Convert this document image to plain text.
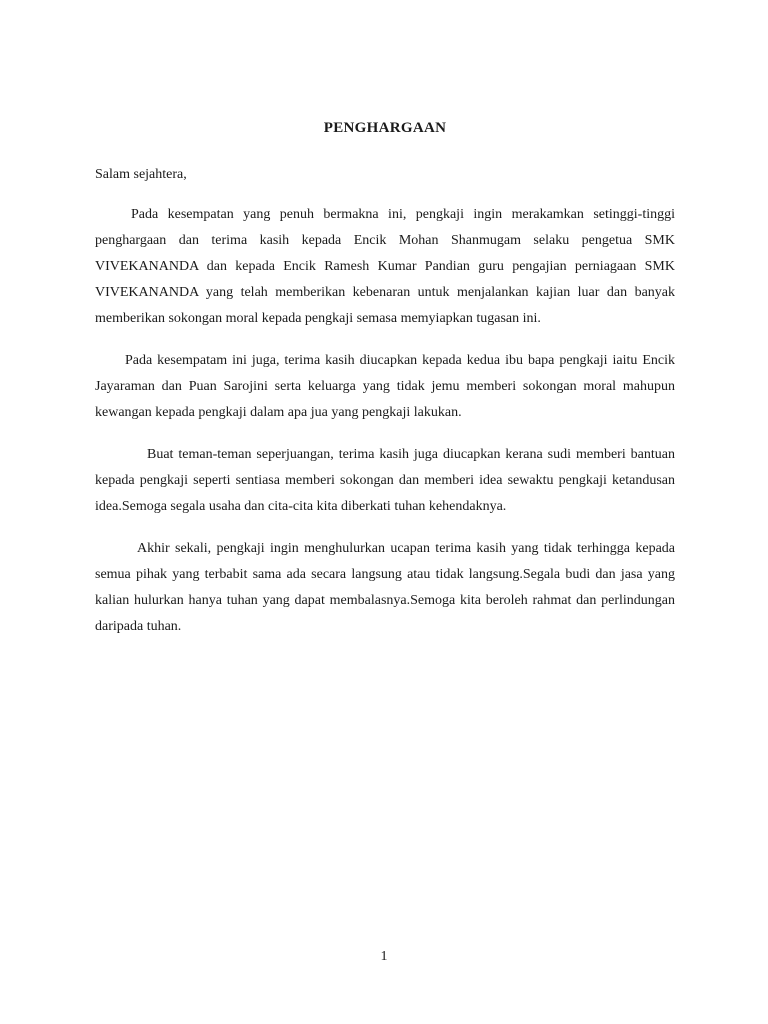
PENGHARGAAN

Salam sejahtera,

Pada kesempatan yang penuh bermakna ini, pengkaji ingin merakamkan setinggi-tinggi penghargaan dan terima kasih kepada Encik Mohan Shanmugam selaku pengetua SMK VIVEKANANDA dan kepada Encik Ramesh Kumar Pandian guru pengajian perniagaan SMK VIVEKANANDA yang telah memberikan kebenaran untuk menjalankan kajian luar dan banyak memberikan sokongan moral kepada pengkaji semasa memyiapkan tugasan ini.

Pada kesempatam ini juga, terima kasih diucapkan kepada kedua ibu bapa pengkaji iaitu Encik Jayaraman dan Puan Sarojini serta keluarga yang tidak jemu memberi sokongan moral mahupun kewangan kepada pengkaji dalam apa jua yang pengkaji lakukan.

Buat teman-teman seperjuangan, terima kasih juga diucapkan kerana sudi memberi bantuan kepada pengkaji seperti sentiasa memberi sokongan dan memberi idea sewaktu pengkaji ketandusan idea.Semoga segala usaha dan cita-cita kita diberkati tuhan kehendaknya.

Akhir sekali, pengkaji ingin menghulurkan ucapan terima kasih yang tidak terhingga kepada semua pihak yang terbabit sama ada secara langsung atau tidak langsung.Segala budi dan jasa yang kalian hulurkan hanya tuhan yang dapat membalasnya.Semoga kita beroleh rahmat dan perlindungan daripada tuhan.

1
